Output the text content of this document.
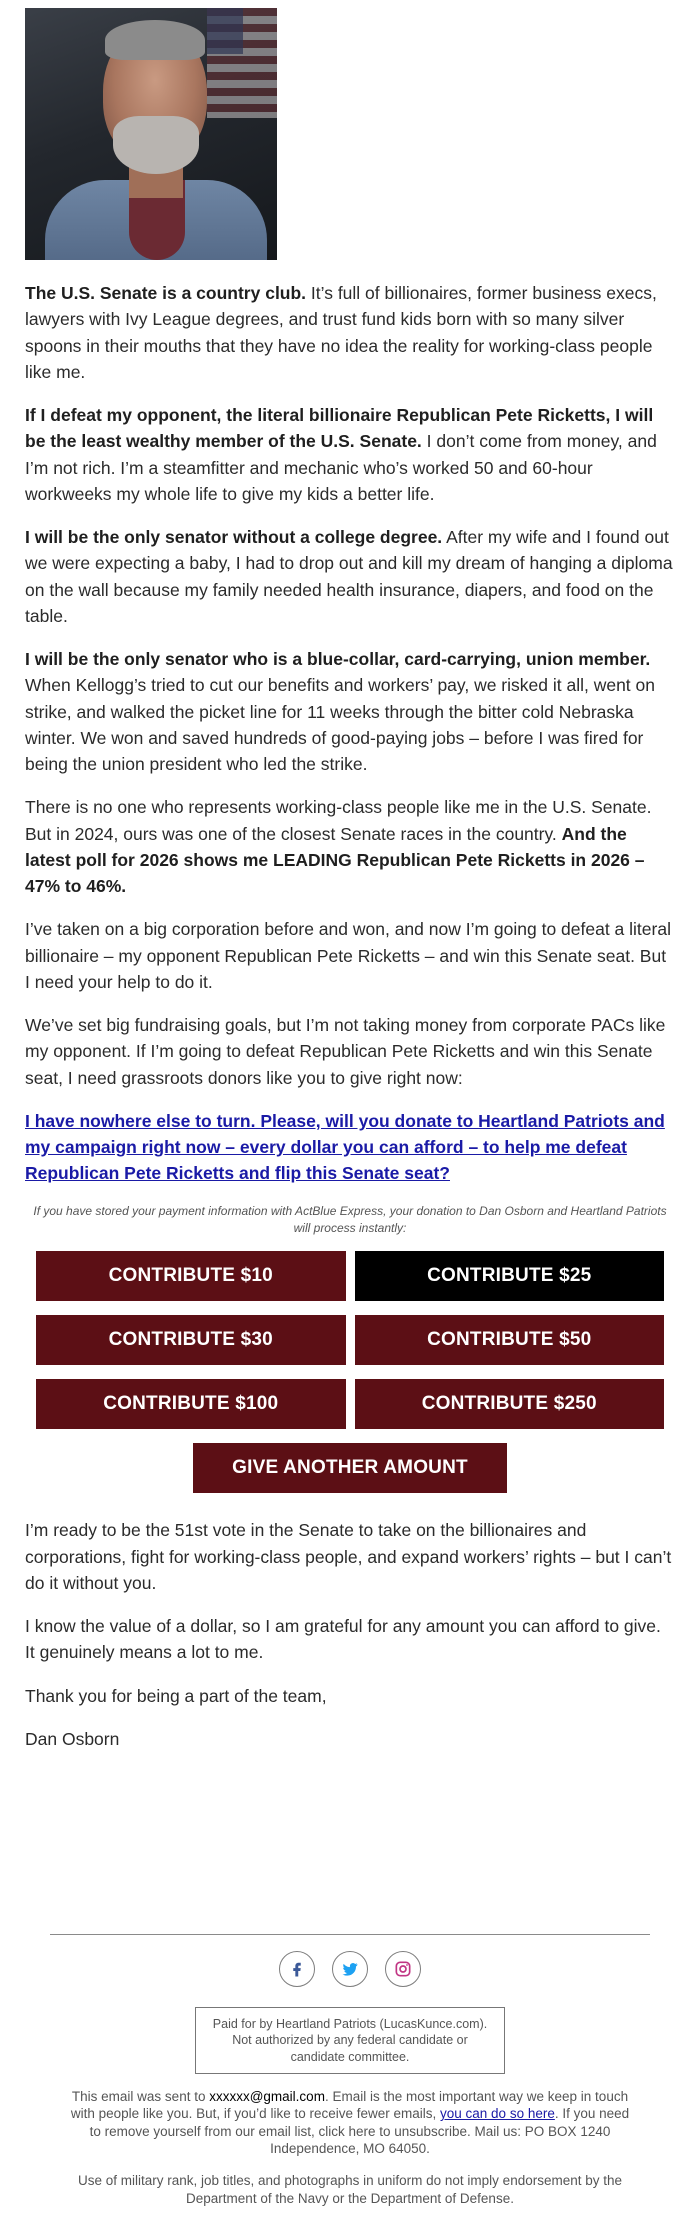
The U.S. Senate is a country club. It’s full of billionaires, former business execs, lawyers with Ivy League degrees, and trust fund kids born with so many silver spoons in their mouths that they have no idea the reality for working-class people like me.

If I defeat my opponent, the literal billionaire Republican Pete Ricketts, I will be the least wealthy member of the U.S. Senate. I don’t come from money, and I’m not rich. I’m a steamfitter and mechanic who’s worked 50 and 60-hour workweeks my whole life to give my kids a better life.

I will be the only senator without a college degree. After my wife and I found out we were expecting a baby, I had to drop out and kill my dream of hanging a diploma on the wall because my family needed health insurance, diapers, and food on the table.

I will be the only senator who is a blue-collar, card-carrying, union member. When Kellogg’s tried to cut our benefits and workers’ pay, we risked it all, went on strike, and walked the picket line for 11 weeks through the bitter cold Nebraska winter. We won and saved hundreds of good-paying jobs – before I was fired for being the union president who led the strike.

There is no one who represents working-class people like me in the U.S. Senate. But in 2024, ours was one of the closest Senate races in the country. And the latest poll for 2026 shows me LEADING Republican Pete Ricketts in 2026 – 47% to 46%.

I’ve taken on a big corporation before and won, and now I’m going to defeat a literal billionaire – my opponent Republican Pete Ricketts – and win this Senate seat. But I need your help to do it.

We’ve set big fundraising goals, but I’m not taking money from corporate PACs like my opponent. If I’m going to defeat Republican Pete Ricketts and win this Senate seat, I need grassroots donors like you to give right now:

I have nowhere else to turn. Please, will you donate to Heartland Patriots and my campaign right now – every dollar you can afford – to help me defeat Republican Pete Ricketts and flip this Senate seat?

If you have stored your payment information with ActBlue Express, your donation to Dan Osborn and Heartland Patriots will process instantly:

CONTRIBUTE $10	CONTRIBUTE $25
CONTRIBUTE $30	CONTRIBUTE $50
CONTRIBUTE $100	CONTRIBUTE $250
GIVE ANOTHER AMOUNT

I’m ready to be the 51st vote in the Senate to take on the billionaires and corporations, fight for working-class people, and expand workers’ rights – but I can’t do it without you.

I know the value of a dollar, so I am grateful for any amount you can afford to give. It genuinely means a lot to me.

Thank you for being a part of the team,

Dan Osborn

Paid for by Heartland Patriots (LucasKunce.com). Not authorized by any federal candidate or candidate committee.

This email was sent to xxxxxx@gmail.com. Email is the most important way we keep in touch with people like you. But, if you’d like to receive fewer emails, you can do so here. If you need to remove yourself from our email list, click here to unsubscribe. Mail us: PO BOX 1240 Independence, MO 64050.

Use of military rank, job titles, and photographs in uniform do not imply endorsement by the Department of the Navy or the Department of Defense.
